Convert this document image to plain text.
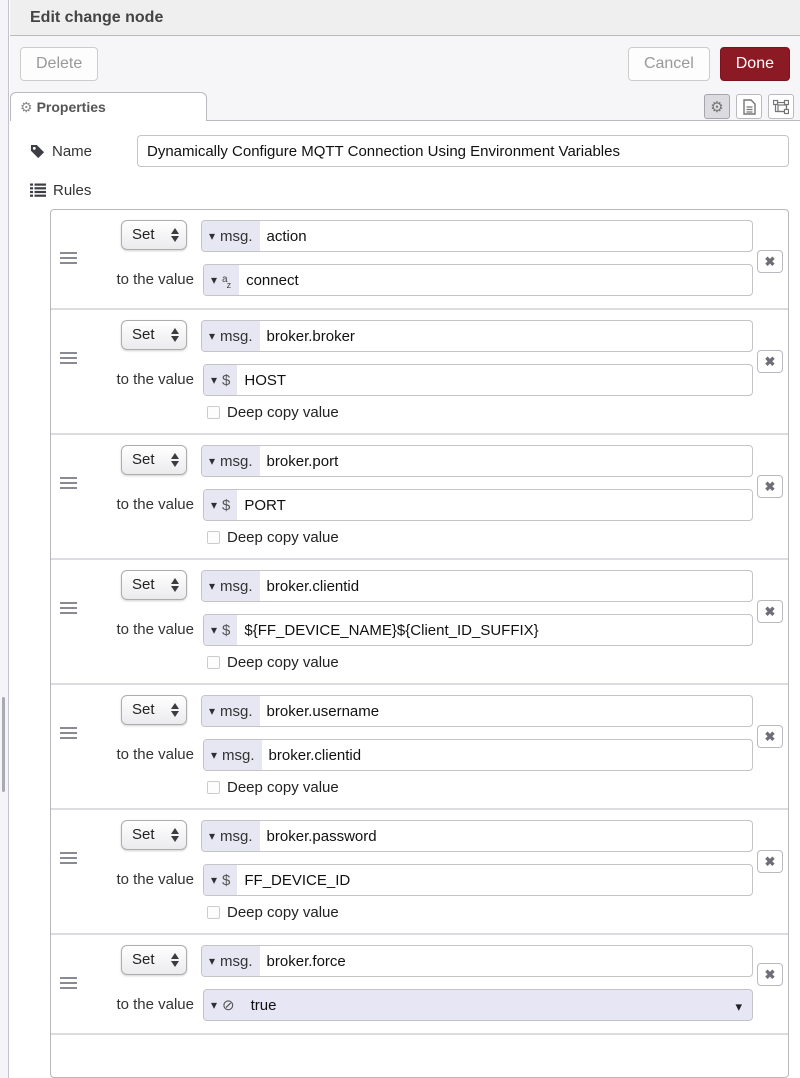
Edit change node
Delete	Cancel	Done
⚙ Properties	⚙
Name
Dynamically Configure MQTT Connection Using Environment Variables
Rules
Set	▾ msg. action
to the value	▾ $^a_z$	connect
✖
Set	▾ msg. broker.broker
to the value	▾ $ HOST
Deep copy value
✖
Set	▾ msg. broker.port
to the value	▾ $ PORT
Deep copy value
✖
Set	▾ msg. broker.clientid
to the value	▾ $ ${FF_DEVICE_NAME}${Client_ID_SUFFIX}
Deep copy value
✖
Set	▾ msg. broker.username
to the value	▾ msg. broker.clientid
Deep copy value
✖
Set	▾ msg. broker.password
to the value	▾ $ FF_DEVICE_ID
Deep copy value
✖
Set	▾ msg. broker.force
to the value	▾ ⊘	true	▾
✖
